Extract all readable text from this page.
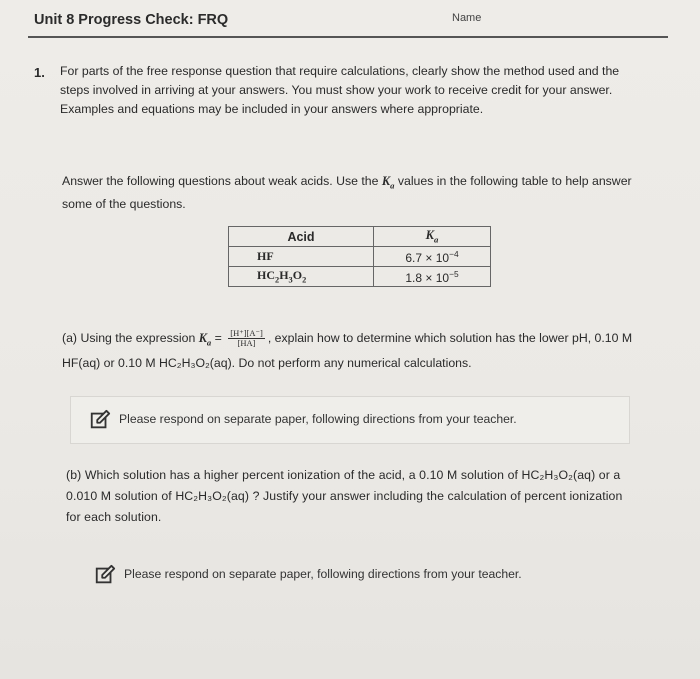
Unit 8 Progress Check: FRQ	Name
1. For parts of the free response question that require calculations, clearly show the method used and the steps involved in arriving at your answers. You must show your work to receive credit for your answer. Examples and equations may be included in your answers where appropriate.
Answer the following questions about weak acids. Use the $K_a$ values in the following table to help answer some of the questions.
Acid	$K_a$
HF	$6.7 \times 10^{-4}$
$HC_2H_3O_2$	$1.8 \times 10^{-5}$
(a) Using the expression $K_a = \frac{[H^+][A^-]}{[HA]}$ , explain how to determine which solution has the lower pH, 0.10 M HF(aq) or 0.10 M HC₂H₃O₂(aq). Do not perform any numerical calculations.
Please respond on separate paper, following directions from your teacher.
(b) Which solution has a higher percent ionization of the acid, a 0.10 M solution of HC₂H₃O₂(aq) or a 0.010 M solution of HC₂H₃O₂(aq) ? Justify your answer including the calculation of percent ionization for each solution.
Please respond on separate paper, following directions from your teacher.
